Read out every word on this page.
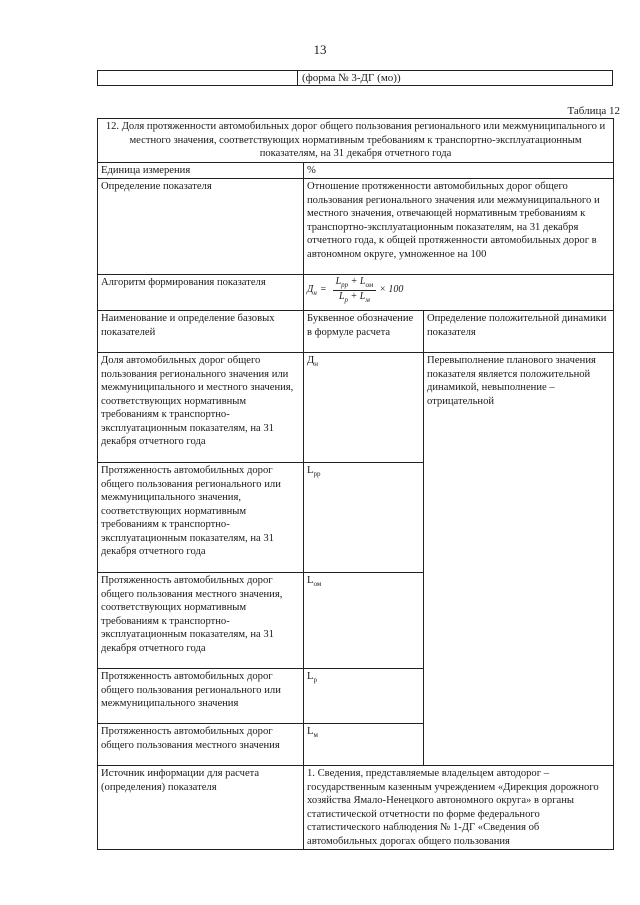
13
(форма № 3-ДГ (мо))
Таблица 12
12. Доля протяженности автомобильных дорог общего пользования регионального или межмуниципального и местного значения, соответствующих нормативным требованиям к транспортно-эксплуатационным показателям, на 31 декабря отчетного года		
Единица измерения	%	
Определение показателя	Отношение протяженности автомобильных дорог общего пользования регионального значения или межмуниципального и местного значения, отвечающей нормативным требованиям к транспортно-эксплуатационным показателям, на 31 декабря отчетного года, к общей протяженности автомобильных дорог в автономном округе, умноженное на 100	
Алгоритм формирования показателя	$Д_н = \frac{L_{рр} + L_{ом}}{L_р + L_м} \times 100$	

Наименование и определение базовых показателей	Буквенное обозначение в формуле расчета	Определение положительной динамики показателя
Доля автомобильных дорог общего пользования регионального значения или межмуниципального и местного значения, соответствующих нормативным требованиям к транспортно-эксплуатационным показателям, на 31 декабря отчетного года	$Д_н$	Перевыполнение планового значения показателя является положительной динамикой, невыполнение – отрицательной
Протяженность автомобильных дорог общего пользования регионального или межмуниципального значения, соответствующих нормативным требованиям к транспортно-эксплуатационным показателям, на 31 декабря отчетного года	$L_{рр}$
Протяженность автомобильных дорог общего пользования местного значения, соответствующих нормативным требованиям к транспортно-эксплуатационным показателям, на 31 декабря отчетного года	$L_{ом}$
Протяженность автомобильных дорог общего пользования регионального или межмуниципального значения	$L_р$
Протяженность автомобильных дорог общего пользования местного значения	$L_м$
Источник информации для расчета (определения) показателя	1. Сведения, представляемые владельцем автодорог – государственным казенным учреждением «Дирекция дорожного хозяйства Ямало-Ненецкого автономного округа» в органы статистической отчетности по форме федерального статистического наблюдения № 1-ДГ «Сведения об автомобильных дорогах общего пользования	
